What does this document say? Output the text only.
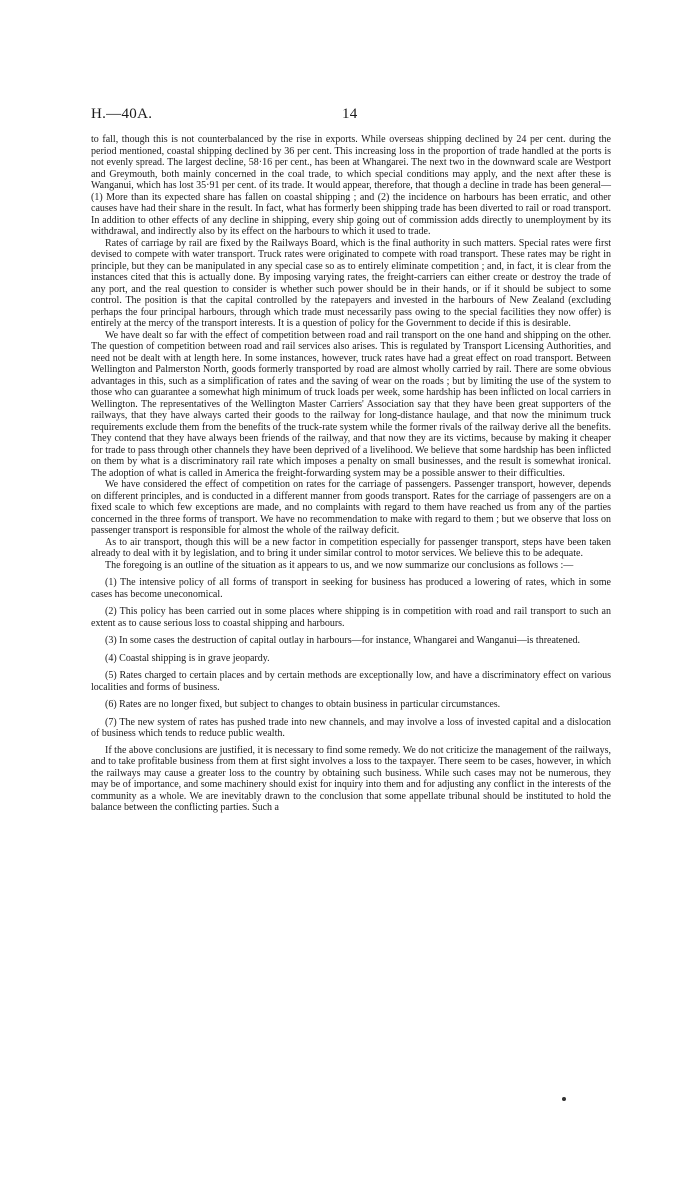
H.—40A.	14

to fall, though this is not counterbalanced by the rise in exports. While overseas shipping declined by 24 per cent. during the period mentioned, coastal shipping declined by 36 per cent. This increasing loss in the proportion of trade handled at the ports is not evenly spread. The largest decline, 58·16 per cent., has been at Whangarei. The next two in the downward scale are Westport and Greymouth, both mainly concerned in the coal trade, to which special conditions may apply, and the next after these is Wanganui, which has lost 35·91 per cent. of its trade. It would appear, therefore, that though a decline in trade has been general—(1) More than its expected share has fallen on coastal shipping ; and (2) the incidence on harbours has been erratic, and other causes have had their share in the result. In fact, what has formerly been shipping trade has been diverted to rail or road transport. In addition to other effects of any decline in shipping, every ship going out of commission adds directly to unemployment by its withdrawal, and indirectly also by its effect on the harbours to which it used to trade.

Rates of carriage by rail are fixed by the Railways Board, which is the final authority in such matters. Special rates were first devised to compete with water transport. Truck rates were originated to compete with road transport. These rates may be right in principle, but they can be manipulated in any special case so as to entirely eliminate competition ; and, in fact, it is clear from the instances cited that this is actually done. By imposing varying rates, the freight-carriers can either create or destroy the trade of any port, and the real question to consider is whether such power should be in their hands, or if it should be subject to some control. The position is that the capital controlled by the ratepayers and invested in the harbours of New Zealand (excluding perhaps the four principal harbours, through which trade must necessarily pass owing to the special facilities they now offer) is entirely at the mercy of the transport interests. It is a question of policy for the Government to decide if this is desirable.

We have dealt so far with the effect of competition between road and rail transport on the one hand and shipping on the other. The question of competition between road and rail services also arises. This is regulated by Transport Licensing Authorities, and need not be dealt with at length here. In some instances, however, truck rates have had a great effect on road transport. Between Wellington and Palmerston North, goods formerly transported by road are almost wholly carried by rail. There are some obvious advantages in this, such as a simplification of rates and the saving of wear on the roads ; but by limiting the use of the system to those who can guarantee a somewhat high minimum of truck loads per week, some hardship has been inflicted on local carriers in Wellington. The representatives of the Wellington Master Carriers' Association say that they have been great supporters of the railways, that they have always carted their goods to the railway for long-distance haulage, and that now the minimum truck requirements exclude them from the benefits of the truck-rate system while the former rivals of the railway derive all the benefits. They contend that they have always been friends of the railway, and that now they are its victims, because by making it cheaper for trade to pass through other channels they have been deprived of a livelihood. We believe that some hardship has been inflicted on them by what is a discriminatory rail rate which imposes a penalty on small businesses, and the result is somewhat ironical. The adoption of what is called in America the freight-forwarding system may be a possible answer to their difficulties.

We have considered the effect of competition on rates for the carriage of passengers. Passenger transport, however, depends on different principles, and is conducted in a different manner from goods transport. Rates for the carriage of passengers are on a fixed scale to which few exceptions are made, and no complaints with regard to them have reached us from any of the parties concerned in the three forms of transport. We have no recommendation to make with regard to them ; but we observe that loss on passenger transport is responsible for almost the whole of the railway deficit.

As to air transport, though this will be a new factor in competition especially for passenger transport, steps have been taken already to deal with it by legislation, and to bring it under similar control to motor services. We believe this to be adequate.

The foregoing is an outline of the situation as it appears to us, and we now summarize our conclusions as follows :—

(1) The intensive policy of all forms of transport in seeking for business has produced a lowering of rates, which in some cases has become uneconomical.

(2) This policy has been carried out in some places where shipping is in competition with road and rail transport to such an extent as to cause serious loss to coastal shipping and harbours.

(3) In some cases the destruction of capital outlay in harbours—for instance, Whangarei and Wanganui—is threatened.

(4) Coastal shipping is in grave jeopardy.

(5) Rates charged to certain places and by certain methods are exceptionally low, and have a discriminatory effect on various localities and forms of business.

(6) Rates are no longer fixed, but subject to changes to obtain business in particular circumstances.

(7) The new system of rates has pushed trade into new channels, and may involve a loss of invested capital and a dislocation of business which tends to reduce public wealth.

If the above conclusions are justified, it is necessary to find some remedy. We do not criticize the management of the railways, and to take profitable business from them at first sight involves a loss to the taxpayer. There seem to be cases, however, in which the railways may cause a greater loss to the country by obtaining such business. While such cases may not be numerous, they may be of importance, and some machinery should exist for inquiry into them and for adjusting any conflict in the interests of the community as a whole. We are inevitably drawn to the conclusion that some appellate tribunal should be instituted to hold the balance between the conflicting parties. Such a
